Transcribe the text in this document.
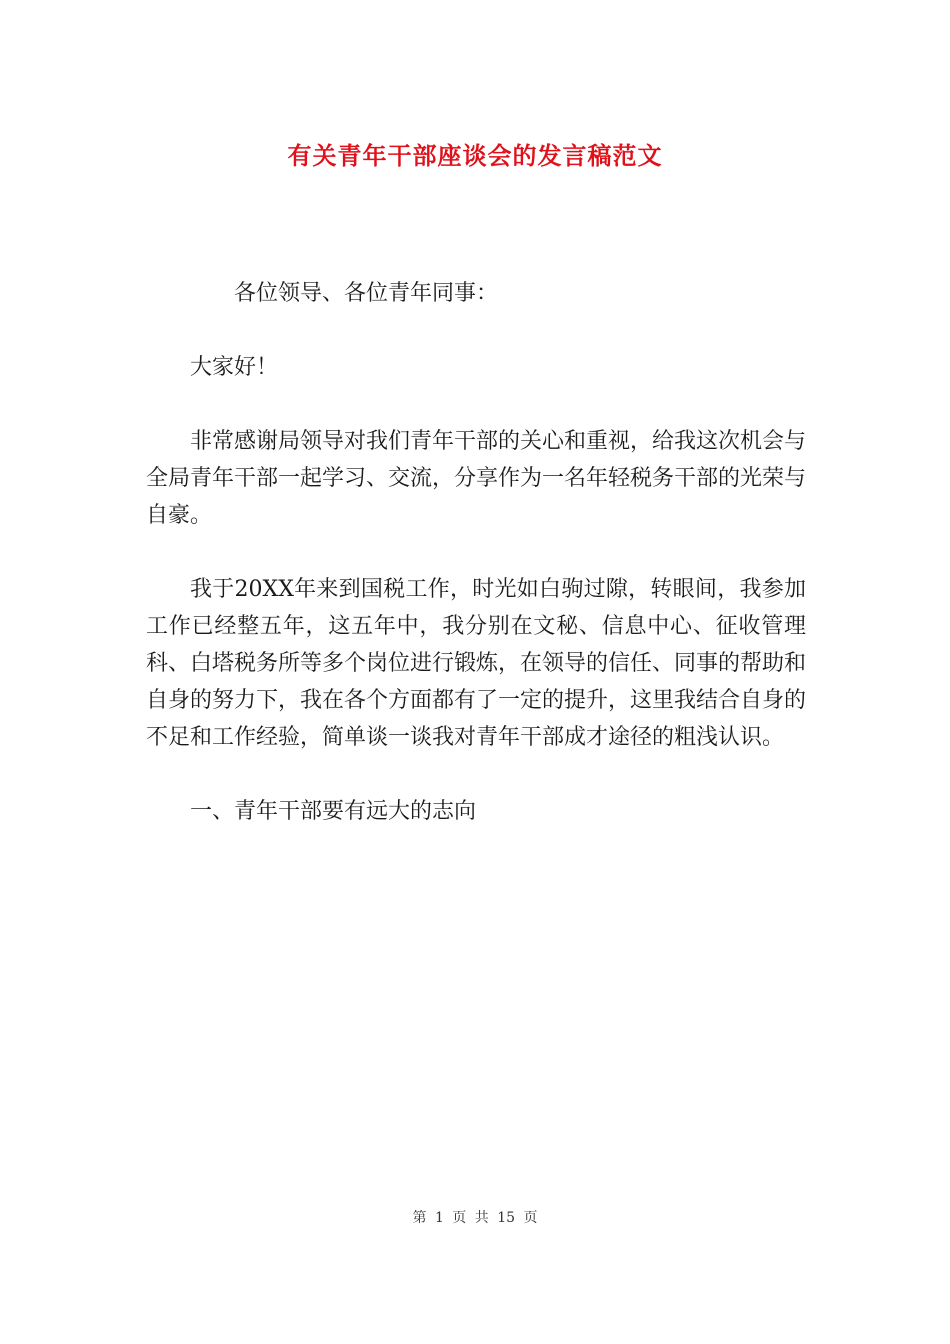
有关青年干部座谈会的发言稿范文

各位领导、各位青年同事：

大家好！

非常感谢局领导对我们青年干部的关心和重视，给我这次机会与全局青年干部一起学习、交流，分享作为一名年轻税务干部的光荣与自豪。

我于20XX年来到国税工作，时光如白驹过隙，转眼间，我参加工作已经整五年，这五年中，我分别在文秘、信息中心、征收管理科、白塔税务所等多个岗位进行锻炼，在领导的信任、同事的帮助和自身的努力下，我在各个方面都有了一定的提升，这里我结合自身的不足和工作经验，简单谈一谈我对青年干部成才途径的粗浅认识。

一、青年干部要有远大的志向

第 1 页 共 15 页
